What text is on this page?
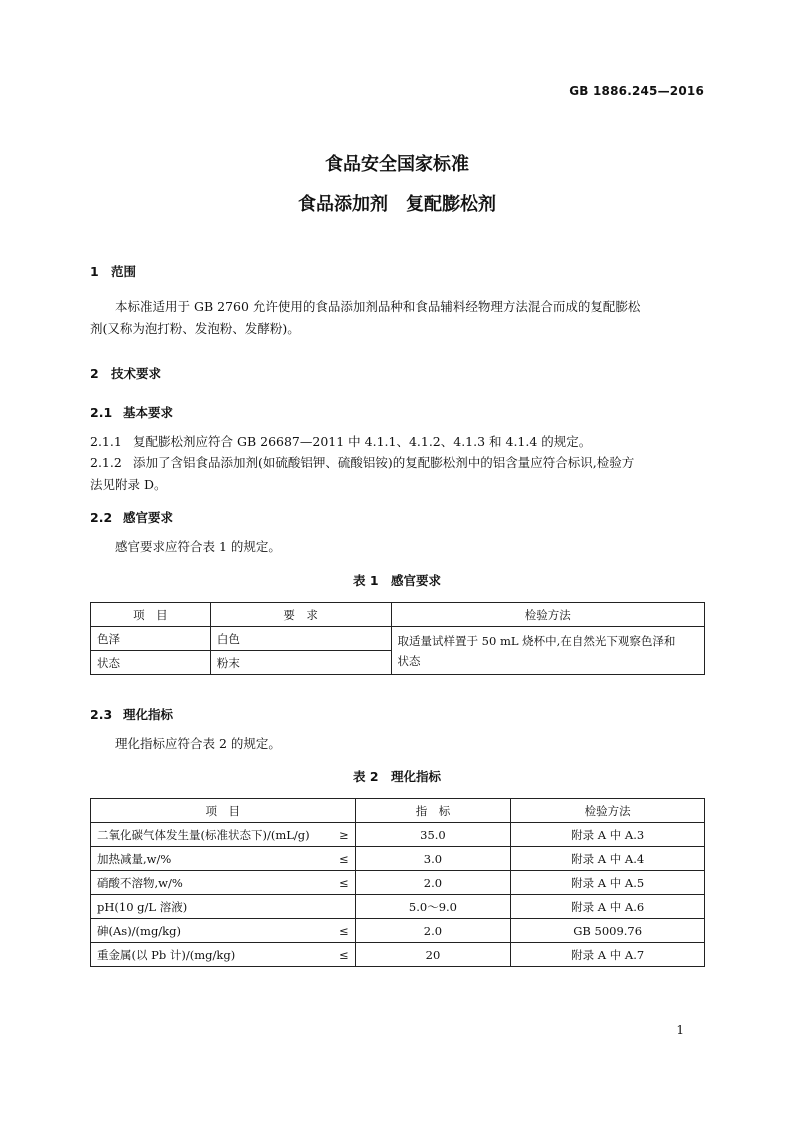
GB 1886.245—2016
食品安全国家标准
食品添加剂　复配膨松剂
1 范围
本标准适用于 GB 2760 允许使用的食品添加剂品种和食品辅料经物理方法混合而成的复配膨松
剂(又称为泡打粉、发泡粉、发酵粉)。
2 技术要求
2.1 基本要求
2.1.1 复配膨松剂应符合 GB 26687—2011 中 4.1.1、4.1.2、4.1.3 和 4.1.4 的规定。
2.1.2 添加了含铝食品添加剂(如硫酸铝钾、硫酸铝铵)的复配膨松剂中的铝含量应符合标识,检验方
法见附录 D。
2.2 感官要求
感官要求应符合表 1 的规定。
表 1　感官要求
项　目	要　求	检验方法
色泽	白色	取适量试样置于 50 mL 烧杯中,在自然光下观察色泽和
状态

状态	粉末	
2.3 理化指标
理化指标应符合表 2 的规定。
表 2　理化指标
项　目	指　标	检验方法

二氧化碳气体发生量(标准状态下)/(mL/g) ≥	35.0	附录 A 中 A.3

加热减量,w/% ≤	3.0	附录 A 中 A.4

硝酸不溶物,w/% ≤	2.0	附录 A 中 A.5

pH(10 g/L 溶液)	5.0～9.0	附录 A 中 A.6

砷(As)/(mg/kg) ≤	2.0	GB 5009.76

重金属(以 Pb 计)/(mg/kg) ≤	20	附录 A 中 A.7
1
